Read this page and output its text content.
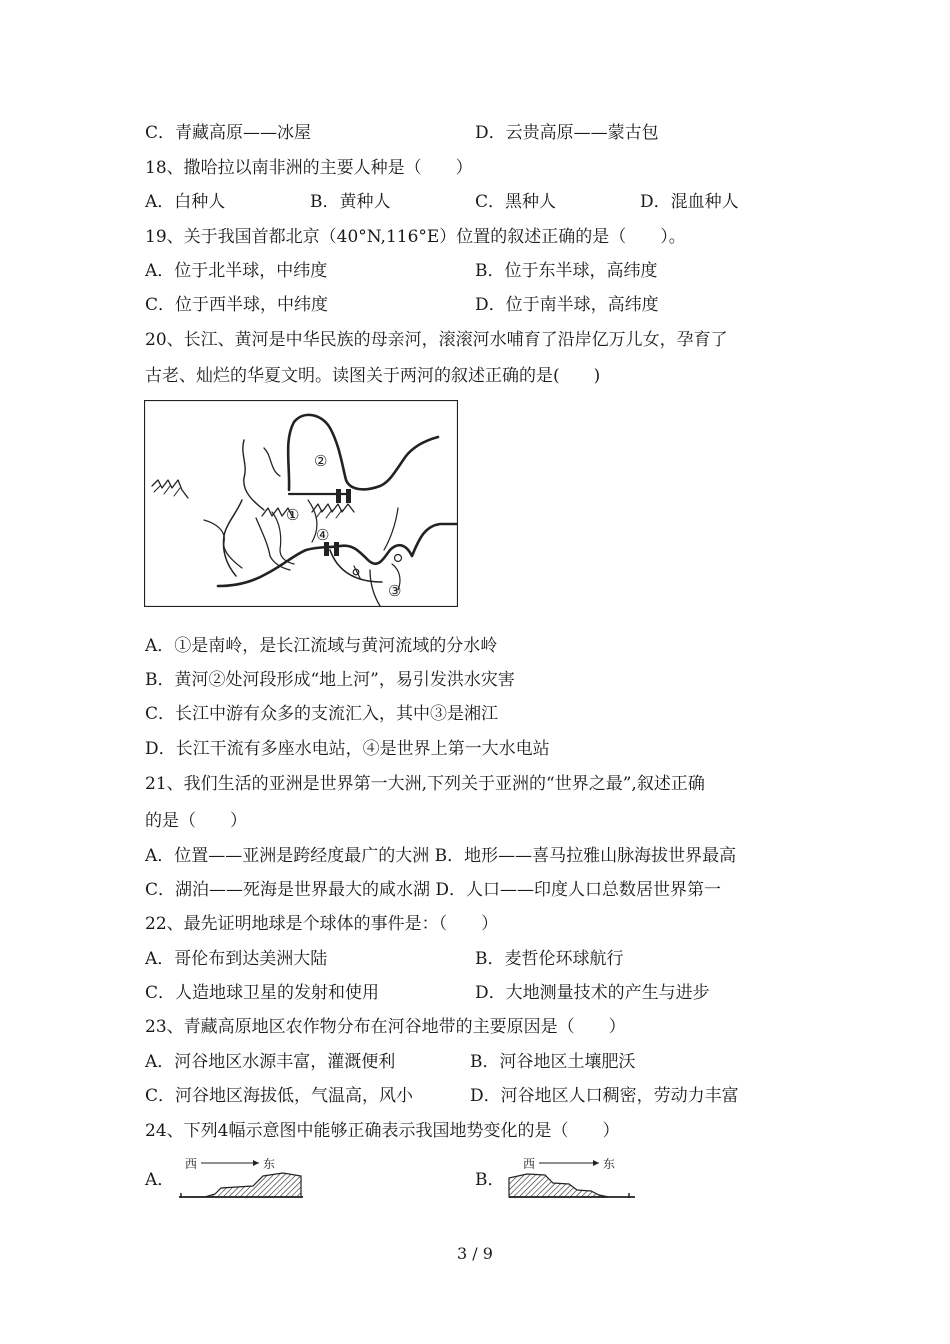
C．青藏高原——冰屋	D．云贵高原——蒙古包
18、撒哈拉以南非洲的主要人种是（　　）
A．白种人	B．黄种人	C．黑种人	D．混血种人
19、关于我国首都北京（40°N,116°E）位置的叙述正确的是（　　）。
A．位于北半球，中纬度	B．位于东半球，高纬度
C．位于西半球，中纬度	D．位于南半球，高纬度
20、长江、黄河是中华民族的母亲河，滚滚河水哺育了沿岸亿万儿女，孕育了
古老、灿烂的华夏文明。读图关于两河的叙述正确的是(　　)
②
①
④
③
A．①是南岭，是长江流域与黄河流域的分水岭
B．黄河②处河段形成“地上河”，易引发洪水灾害
C．长江中游有众多的支流汇入，其中③是湘江
D．长江干流有多座水电站，④是世界上第一大水电站
21、我们生活的亚洲是世界第一大洲,下列关于亚洲的“世界之最”,叙述正确
的是（　　）
A．位置——亚洲是跨经度最广的大洲 B．地形——喜马拉雅山脉海拔世界最高
C．湖泊——死海是世界最大的咸水湖 D．人口——印度人口总数居世界第一
22、最先证明地球是个球体的事件是：（　　）
A．哥伦布到达美洲大陆	B．麦哲伦环球航行
C．人造地球卫星的发射和使用	D．大地测量技术的产生与进步
23、青藏高原地区农作物分布在河谷地带的主要原因是（　　）
A．河谷地区水源丰富，灌溉便利	B．河谷地区土壤肥沃
C．河谷地区海拔低，气温高，风小	D．河谷地区人口稠密，劳动力丰富
24、下列4幅示意图中能够正确表示我国地势变化的是（　　）
A．
西	东
B．
西	东
3 / 9
